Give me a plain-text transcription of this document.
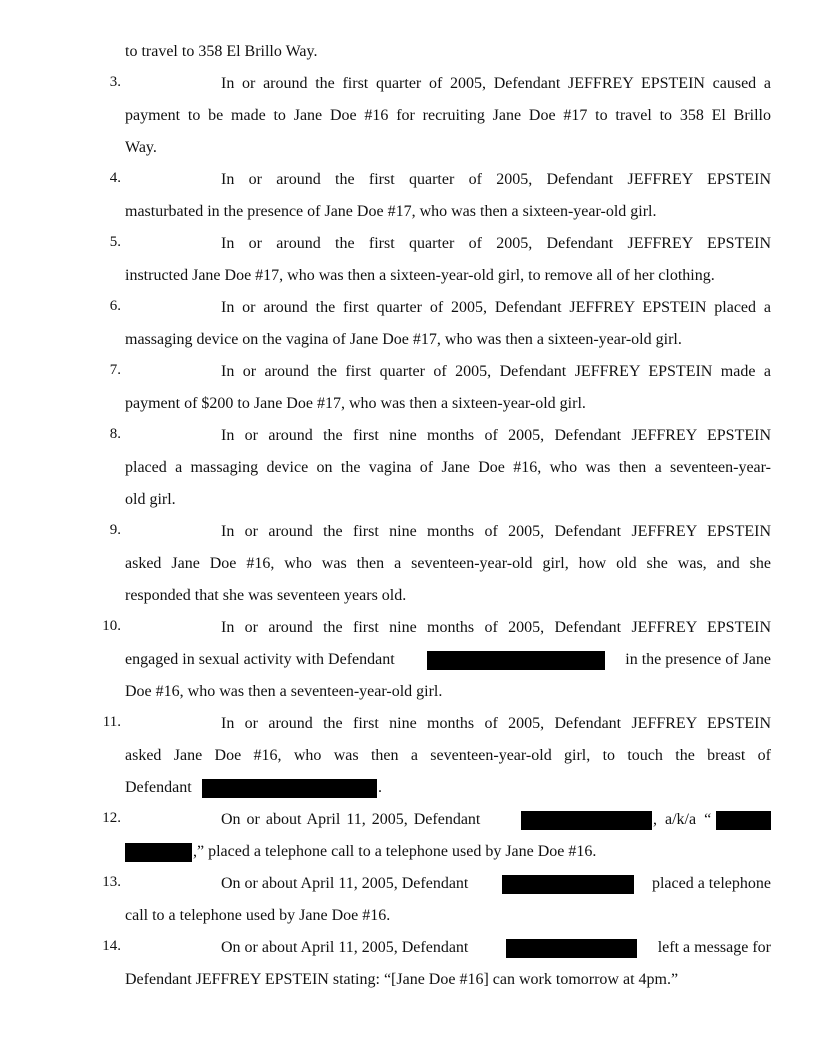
to travel to 358 El Brillo Way.
3.	In or around the first quarter of 2005, Defendant JEFFREY EPSTEIN caused a
payment to be made to Jane Doe #16 for recruiting Jane Doe #17 to travel to 358 El Brillo
Way.
4.	In or around the first quarter of 2005, Defendant JEFFREY EPSTEIN
masturbated in the presence of Jane Doe #17, who was then a sixteen-year-old girl.
5.	In or around the first quarter of 2005, Defendant JEFFREY EPSTEIN
instructed Jane Doe #17, who was then a sixteen-year-old girl, to remove all of her clothing.
6.	In or around the first quarter of 2005, Defendant JEFFREY EPSTEIN placed a
massaging device on the vagina of Jane Doe #17, who was then a sixteen-year-old girl.
7.	In or around the first quarter of 2005, Defendant JEFFREY EPSTEIN made a
payment of $200 to Jane Doe #17, who was then a sixteen-year-old girl.
8.	In or around the first nine months of 2005, Defendant JEFFREY EPSTEIN
placed a massaging device on the vagina of Jane Doe #16, who was then a seventeen-year-
old girl.
9.	In or around the first nine months of 2005, Defendant JEFFREY EPSTEIN
asked Jane Doe #16, who was then a seventeen-year-old girl, how old she was, and she
responded that she was seventeen years old.
10.	In or around the first nine months of 2005, Defendant JEFFREY EPSTEIN
engaged in sexual activity with Defendant	in the presence of Jane
Doe #16, who was then a seventeen-year-old girl.
11.	In or around the first nine months of 2005, Defendant JEFFREY EPSTEIN
asked Jane Doe #16, who was then a seventeen-year-old girl, to touch the breast of
Defendant	.
12.	On or about April 11, 2005, Defendant	, a/k/a “
,” placed a telephone call to a telephone used by Jane Doe #16.
13.	On or about April 11, 2005, Defendant	placed a telephone
call to a telephone used by Jane Doe #16.
14.	On or about April 11, 2005, Defendant	left a message for
Defendant JEFFREY EPSTEIN stating: “[Jane Doe #16] can work tomorrow at 4pm.”
